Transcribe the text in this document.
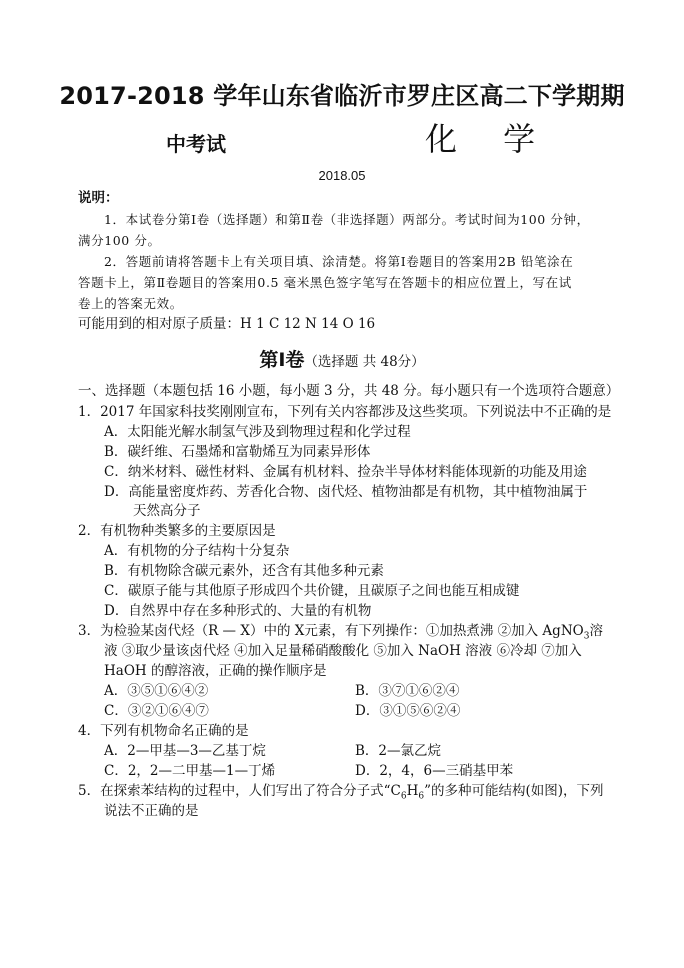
2017-2018 学年山东省临沂市罗庄区高二下学期期
中考试	化 学
2018.05
说明：
1．本试卷分第Ⅰ卷（选择题）和第Ⅱ卷（非选择题）两部分。考试时间为100 分钟，
满分100 分。
2．答题前请将答题卡上有关项目填、涂清楚。将第Ⅰ卷题目的答案用2B 铅笔涂在
答题卡上，第Ⅱ卷题目的答案用0.5 毫米黑色签字笔写在答题卡的相应位置上，写在试
卷上的答案无效。
可能用到的相对原子质量：H 1 C 12 N 14 O 16
第Ⅰ卷（选择题 共 48分）
一、选择题（本题包括 16 小题，每小题 3 分，共 48 分。每小题只有一个选项符合题意）
1．2017 年国家科技奖刚刚宣布，下列有关内容都涉及这些奖项。下列说法中不正确的是
A．太阳能光解水制氢气涉及到物理过程和化学过程
B．碳纤维、石墨烯和富勒烯互为同素异形体
C．纳米材料、磁性材料、金属有机材料、捡杂半导体材料能体现新的功能及用途
D．高能量密度炸药、芳香化合物、卤代烃、植物油都是有机物，其中植物油属于
天然高分子
2．有机物种类繁多的主要原因是
A．有机物的分子结构十分复杂
B．有机物除含碳元素外，还含有其他多种元素
C．碳原子能与其他原子形成四个共价键，且碳原子之间也能互相成键
D．自然界中存在多种形式的、大量的有机物
3．为检验某卤代烃（R — X）中的 X元素，有下列操作：①加热煮沸 ②加入 AgNO$_3$溶
液 ③取少量该卤代烃 ④加入足量稀硝酸酸化 ⑤加入 NaOH 溶液 ⑥冷却 ⑦加入
HaOH 的醇溶液，正确的操作顺序是
A．③⑤①⑥④②	B．③⑦①⑥②④
C．③②①⑥④⑦	D．③①⑤⑥②④
4．下列有机物命名正确的是
A．2—甲基—3—乙基丁烷	B．2—氯乙烷
C．2，2—二甲基—1—丁烯	D．2，4，6—三硝基甲苯
5．在探索苯结构的过程中，人们写出了符合分子式“$C_6H_6$”的多种可能结构(如图)，下列
说法不正确的是
